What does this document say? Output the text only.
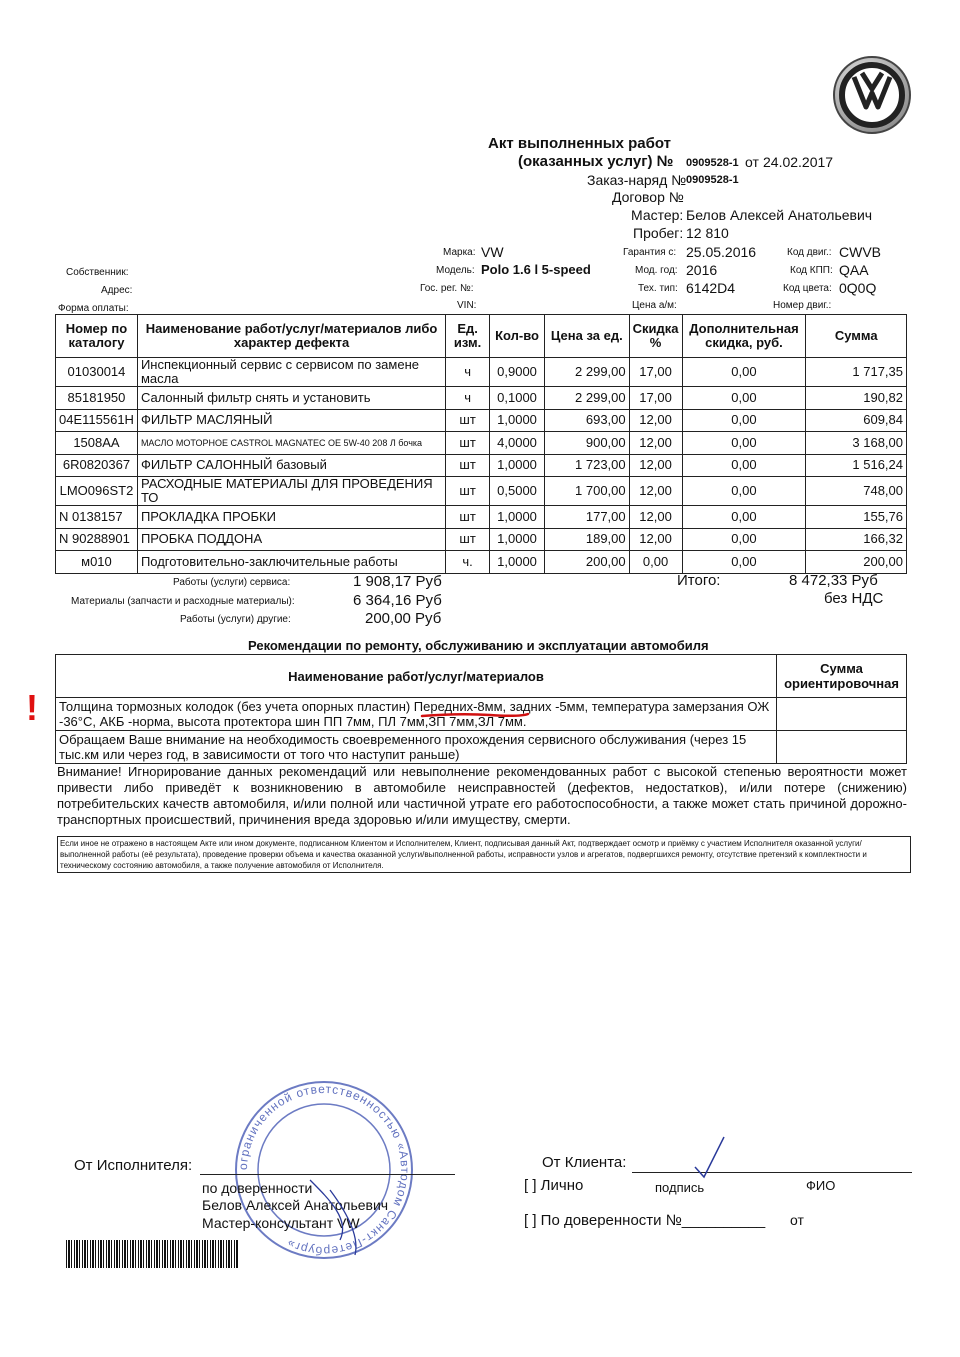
Акт выполненных работ
(оказанных услуг) № 0909528-1 от 24.02.2017
Заказ-наряд № 0909528-1
Договор №
Мастер: Белов Алексей Анатольевич
Пробег: 12 810
Марка: VW
Модель: Polo 1.6 l 5-speed
Гос. рег. №:
VIN:
Гарантия с: 25.05.2016
Мод. год: 2016
Тех. тип: 6142D4
Цена а/м:
Код двиг.: CWVB
Код КПП: QAA
Код цвета: 0Q0Q
Номер двиг.:
Собственник:
Адрес:
Форма оплаты:
Номер по каталогу	Наименование работ/услуг/материалов либо характер дефекта	Ед. изм.	Кол-во	Цена за ед.	Скидка %	Дополнительная скидка, руб.	Сумма
01030014	Инспекционный сервис с сервисом по замене масла	ч	0,9000	2 299,00	17,00	0,00	1 717,35
85181950	Салонный фильтр снять и установить	ч	0,1000	2 299,00	17,00	0,00	190,82
04E115561H	ФИЛЬТР МАСЛЯНЫЙ	шт	1,0000	693,00	12,00	0,00	609,84
1508AA	МАСЛО МОТОРНОЕ CASTROL MAGNATEC OE 5W-40 208 Л бочка	шт	4,0000	900,00	12,00	0,00	3 168,00
6R0820367	ФИЛЬТР САЛОННЫЙ базовый	шт	1,0000	1 723,00	12,00	0,00	1 516,24
LMO096ST2	РАСХОДНЫЕ МАТЕРИАЛЫ ДЛЯ ПРОВЕДЕНИЯ ТО	шт	0,5000	1 700,00	12,00	0,00	748,00
N 0138157	ПРОКЛАДКА ПРОБКИ	шт	1,0000	177,00	12,00	0,00	155,76
N 90288901	ПРОБКА ПОДДОНА	шт	1,0000	189,00	12,00	0,00	166,32
м010	Подготовительно-заключительные работы	ч.	1,0000	200,00	0,00	0,00	200,00
Работы (услуги) сервиса:	1 908,17 Руб
Материалы (запчасти и расходные материалы):	6 364,16 Руб
Работы (услуги) другие:	200,00 Руб
Итого:	8 472,33 Руб
без НДС
Рекомендации по ремонту, обслуживанию и эксплуатации автомобиля
!
Наименование работ/услуг/материалов	Сумма ориентировочная
Толщина тормозных колодок (без учета опорных пластин) Передних-8мм, задних -5мм, температура замерзания ОЖ -36°С, АКБ -норма, высота протектора шин ПП 7мм, ПЛ 7мм,ЗП 7мм,ЗЛ 7мм.	
Обращаем Ваше внимание на необходимость своевременного прохождения сервисного обслуживания (через 15 тыс.км или через год, в зависимости от того что наступит раньше)	
Внимание! Игнорирование данных рекомендаций или невыполнение рекомендованных работ с высокой степенью вероятности может привести либо приведёт к возникновению в автомобиле неисправностей (дефектов, недостатков), и/или потере (снижению) потребительских качеств автомобиля, и/или полной или частичной утрате его работоспособности, а также может стать причиной дорожно-транспортных происшествий, причинения вреда здоровью и/или имуществу, смерти.
Если иное не отражено в настоящем Акте или ином документе, подписанном Клиентом и Исполнителем, Клиент, подписывая данный Акт, подтверждает осмотр и приёмку с участием Исполнителя оказанной услуги/выполненной работы (её результата), проведение проверки объема и качества оказанной услуги/выполненной работы, исправности узлов и агрегатов, подвергшихся ремонту, отсутствие претензий к комплектности и техническому состоянию автомобиля, а также получение автомобиля от Исполнителя.
ограниченной ответственностью «Автодом Санкт-Петербург»
От Исполнителя:
по доверенности
Белов Алексей Анатольевич
Мастер-консультант VW
От Клиента:
[ ] Лично	подпись	ФИО
[ ] По доверенности №__________ от
